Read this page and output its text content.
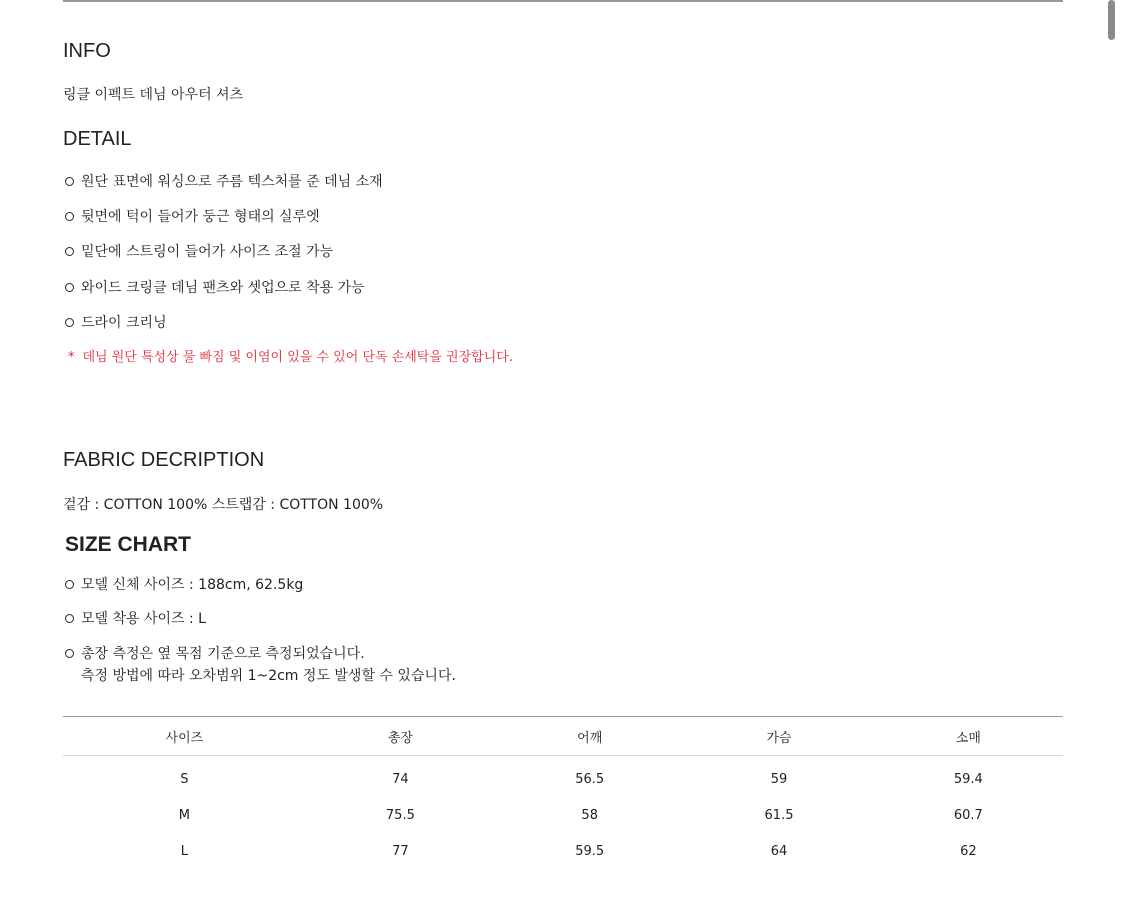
INFO
링클 이펙트 데님 아우터 셔츠
DETAIL
원단 표면에 워싱으로 주름 텍스처를 준 데님 소재
뒷면에 턱이 들어가 둥근 형태의 실루엣
밑단에 스트링이 들어가 사이즈 조절 가능
와이드 크링클 데님 팬츠와 셋업으로 착용 가능
드라이 크리닝
* 데님 원단 특성상 물 빠짐 및 이염이 있을 수 있어 단독 손세탁을 권장합니다.
FABRIC DECRIPTION
겉감 : COTTON 100% 스트랩감 : COTTON 100%
SIZE CHART
모델 신체 사이즈 : 188cm, 62.5kg
모델 착용 사이즈 : L
총장 측정은 옆 목점 기준으로 측정되었습니다.
측정 방법에 따라 오차범위 1~2cm 정도 발생할 수 있습니다.
사이즈	총장	어깨	가슴	소매
S	74	56.5	59	59.4
M	75.5	58	61.5	60.7
L	77	59.5	64	62
